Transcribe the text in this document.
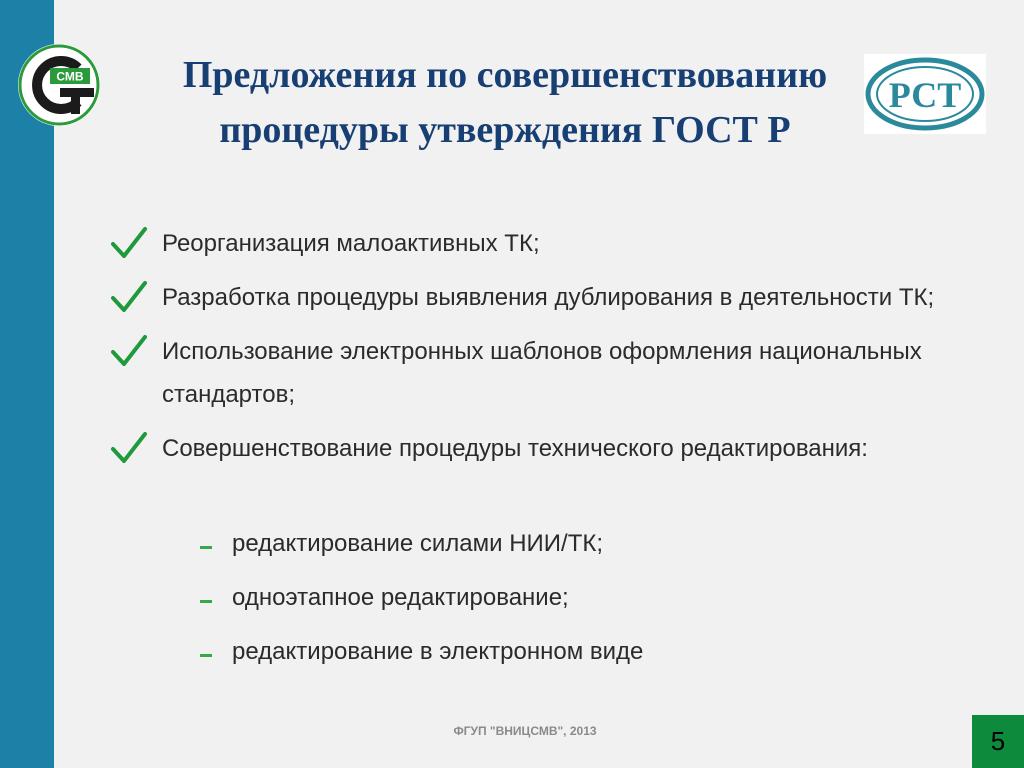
СМВ	РСТ
Предложения по совершенствованию
процедуры утверждения ГОСТ Р
Реорганизация малоактивных ТК;
Разработка процедуры выявления дублирования в деятельности ТК;
Использование электронных шаблонов оформления национальных стандартов;
Совершенствование процедуры технического редактирования:
редактирование силами НИИ/ТК;
одноэтапное редактирование;
редактирование в электронном виде
ФГУП "ВНИЦСМВ", 2013	5
